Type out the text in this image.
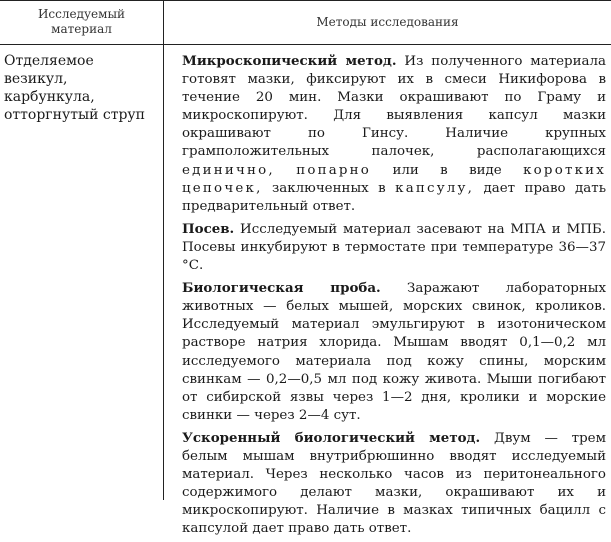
Исследуемый материал
Методы исследования
Отделяемое везикул, карбункула, отторгнутый струп

Микроскопический метод. Из полученного материала готовят мазки, фиксируют их в смеси Никифорова в течение 20 мин. Мазки окрашивают по Граму и микроскопируют. Для выявления капсул мазки окрашивают по Гинсу. Наличие крупных грамположительных палочек, располагающихся единично, попарно или в виде коротких цепочек, заключенных в капсулу, дает право дать предварительный ответ.

Посев. Исследуемый материал засевают на МПА и МПБ. Посевы инкубируют в термостате при температуре 36—37 °С.

Биологическая проба. Заражают лабораторных животных — белых мышей, морских свинок, кроликов. Исследуемый материал эмульгируют в изотоническом растворе натрия хлорида. Мышам вводят 0,1—0,2 мл исследуемого материала под кожу спины, морским свинкам — 0,2—0,5 мл под кожу живота. Мыши погибают от сибирской язвы через 1—2 дня, кролики и морские свинки — через 2—4 сут.

Ускоренный биологический метод. Двум — трем белым мышам внутрибрюшинно вводят исследуемый материал. Через несколько часов из перитонеального содержимого делают мазки, окрашивают их и микроскопируют. Наличие в мазках типичных бацилл с капсулой дает право дать ответ.
